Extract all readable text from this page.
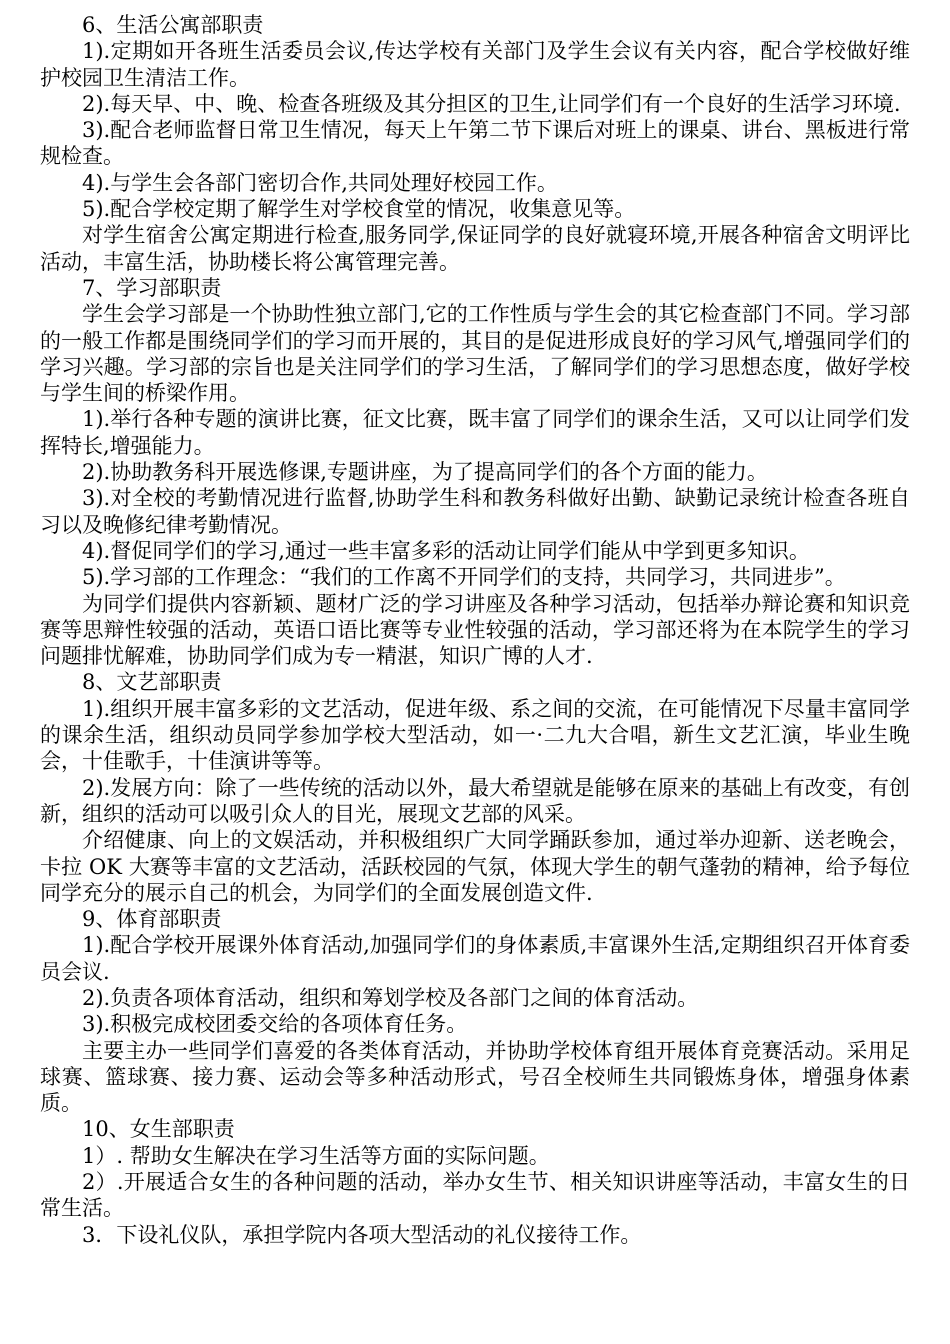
6、生活公寓部职责

1).定期如开各班生活委员会议,传达学校有关部门及学生会议有关内容，配合学校做好维护校园卫生清洁工作。

2).每天早、中、晚、检查各班级及其分担区的卫生,让同学们有一个良好的生活学习环境.

3).配合老师监督日常卫生情况，每天上午第二节下课后对班上的课桌、讲台、黑板进行常规检查。

4).与学生会各部门密切合作,共同处理好校园工作。

5).配合学校定期了解学生对学校食堂的情况，收集意见等。

对学生宿舍公寓定期进行检查,服务同学,保证同学的良好就寝环境,开展各种宿舍文明评比活动，丰富生活，协助楼长将公寓管理完善。

7、学习部职责

学生会学习部是一个协助性独立部门,它的工作性质与学生会的其它检查部门不同。学习部的一般工作都是围绕同学们的学习而开展的，其目的是促进形成良好的学习风气,增强同学们的学习兴趣。学习部的宗旨也是关注同学们的学习生活，了解同学们的学习思想态度，做好学校与学生间的桥梁作用。

1).举行各种专题的演讲比赛，征文比赛，既丰富了同学们的课余生活，又可以让同学们发挥特长,增强能力。

2).协助教务科开展选修课,专题讲座，为了提高同学们的各个方面的能力。

3).对全校的考勤情况进行监督,协助学生科和教务科做好出勤、缺勤记录统计检查各班自习以及晚修纪律考勤情况。

4).督促同学们的学习,通过一些丰富多彩的活动让同学们能从中学到更多知识。

5).学习部的工作理念：“我们的工作离不开同学们的支持，共同学习，共同进步”。

为同学们提供内容新颖、题材广泛的学习讲座及各种学习活动，包括举办辩论赛和知识竞赛等思辩性较强的活动，英语口语比赛等专业性较强的活动，学习部还将为在本院学生的学习问题排忧解难，协助同学们成为专一精湛，知识广博的人才.

8、文艺部职责

1).组织开展丰富多彩的文艺活动，促进年级、系之间的交流，在可能情况下尽量丰富同学的课余生活，组织动员同学参加学校大型活动，如一·二九大合唱，新生文艺汇演，毕业生晚会，十佳歌手，十佳演讲等等。

2).发展方向：除了一些传统的活动以外，最大希望就是能够在原来的基础上有改变，有创新，组织的活动可以吸引众人的目光，展现文艺部的风采。

介绍健康、向上的文娱活动，并积极组织广大同学踊跃参加，通过举办迎新、送老晚会，卡拉 OK 大赛等丰富的文艺活动，活跃校园的气氛，体现大学生的朝气蓬勃的精神，给予每位同学充分的展示自己的机会，为同学们的全面发展创造文件.

9、体育部职责

1).配合学校开展课外体育活动,加强同学们的身体素质,丰富课外生活,定期组织召开体育委员会议.

2).负责各项体育活动，组织和筹划学校及各部门之间的体育活动。

3).积极完成校团委交给的各项体育任务。

主要主办一些同学们喜爱的各类体育活动，并协助学校体育组开展体育竞赛活动。采用足球赛、篮球赛、接力赛、运动会等多种活动形式，号召全校师生共同锻炼身体，增强身体素质。

10、女生部职责

1）. 帮助女生解决在学习生活等方面的实际问题。

2）.开展适合女生的各种问题的活动，举办女生节、相关知识讲座等活动，丰富女生的日常生活。

3．下设礼仪队，承担学院内各项大型活动的礼仪接待工作。
